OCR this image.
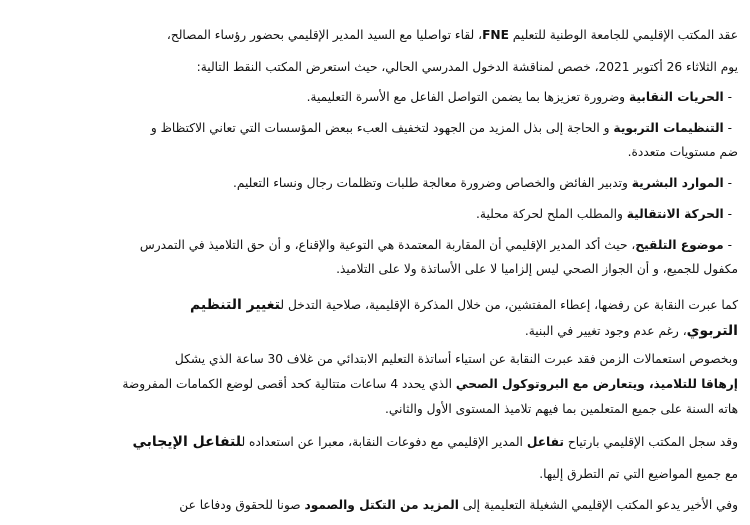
عقد المكتب الإقليمي للجامعة الوطنية للتعليم FNE، لقاء تواصليا مع السيد المدير الإقليمي بحضور رؤساء المصالح،
يوم الثلاثاء 26 أكتوبر 2021، خصص لمناقشة الدخول المدرسي الحالي، حيث استعرض المكتب النقط التالية:
- الحريات النقابية وضرورة تعزيزها بما يضمن التواصل الفاعل مع الأسرة التعليمية.
- التنظيمات التربوية و الحاجة إلى بذل المزيد من الجهود لتخفيف العبء ببعض المؤسسات التي تعاني الاكتظاظ و
ضم مستويات متعددة.
- الموارد البشرية وتدبير الفائض والخصاص وضرورة معالجة طلبات وتظلمات رجال ونساء التعليم.
- الحركة الانتقالية والمطلب الملح لحركة محلية.
- موضوع التلقيح، حيث أكد المدير الإقليمي أن المقاربة المعتمدة هي التوعية والإقناع، و أن حق التلاميذ في التمدرس
مكفول للجميع، و أن الجواز الصحي ليس إلزاميا لا على الأساتذة ولا على التلاميذ.
كما عبرت النقابة عن رفضها، إعطاء المفتشين، من خلال المذكرة الإقليمية، صلاحية التدخل لتغيير التنظيم
التربوي، رغم عدم وجود تغيير في البنية.
وبخصوص استعمالات الزمن فقد عبرت النقابة عن استياء أساتذة التعليم الابتدائي من غلاف 30 ساعة الذي يشكل
إرهاقا للتلاميذ، ويتعارض مع البروتوكول الصحي الذي يحدد 4 ساعات متتالية كحد أقصى لوضع الكمامات المفروضة
هاته السنة على جميع المتعلمين بما فيهم تلاميذ المستوى الأول والثاني.
وقد سجل المكتب الإقليمي بارتياح تفاعل المدير الإقليمي مع دفوعات النقابة، معبرا عن استعداده للتفاعل الإيجابي
مع جميع المواضيع التي تم التطرق إليها.
وفي الأخير يدعو المكتب الإقليمي الشغيلة التعليمية إلى المزيد من التكتل والصمود صونا للحقوق ودفاعا عن
